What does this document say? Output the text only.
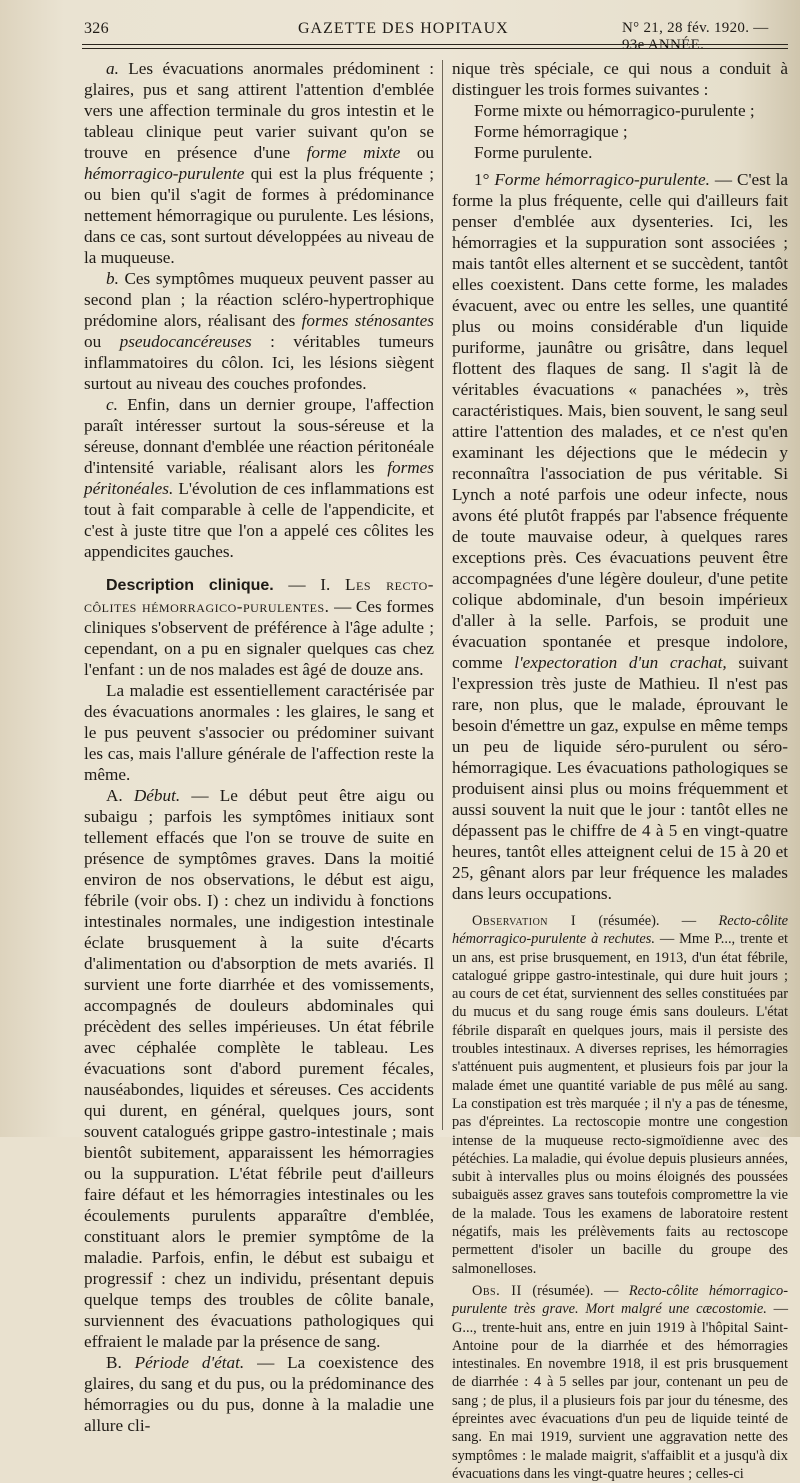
326	GAZETTE DES HOPITAUX	N° 21, 28 fév. 1920. — 93e ANNÉE.

a. Les évacuations anormales prédominent : glaires, pus et sang attirent l'attention d'emblée vers une affection terminale du gros intestin et le tableau clinique peut varier suivant qu'on se trouve en présence d'une forme mixte ou hémorragico-purulente qui est la plus fréquente ; ou bien qu'il s'agit de formes à prédominance nettement hémorragique ou purulente. Les lésions, dans ce cas, sont surtout développées au niveau de la muqueuse.

b. Ces symptômes muqueux peuvent passer au second plan ; la réaction scléro-hypertrophique prédomine alors, réalisant des formes sténosantes ou pseudocancéreuses : véritables tumeurs inflammatoires du côlon. Ici, les lésions siègent surtout au niveau des couches profondes.

c. Enfin, dans un dernier groupe, l'affection paraît intéresser surtout la sous-séreuse et la séreuse, donnant d'emblée une réaction péritonéale d'intensité variable, réalisant alors les formes péritonéales. L'évolution de ces inflammations est tout à fait comparable à celle de l'appendicite, et c'est à juste titre que l'on a appelé ces côlites les appendicites gauches.

Description clinique. — I. Les recto-côlites hémorragico-purulentes. — Ces formes cliniques s'observent de préférence à l'âge adulte ; cependant, on a pu en signaler quelques cas chez l'enfant : un de nos malades est âgé de douze ans.

La maladie est essentiellement caractérisée par des évacuations anormales : les glaires, le sang et le pus peuvent s'associer ou prédominer suivant les cas, mais l'allure générale de l'affection reste la même.

A. Début. — Le début peut être aigu ou subaigu ; parfois les symptômes initiaux sont tellement effacés que l'on se trouve de suite en présence de symptômes graves. Dans la moitié environ de nos observations, le début est aigu, fébrile (voir obs. I) : chez un individu à fonctions intestinales normales, une indigestion intestinale éclate brusquement à la suite d'écarts d'alimentation ou d'absorption de mets avariés. Il survient une forte diarrhée et des vomissements, accompagnés de douleurs abdominales qui précèdent des selles impérieuses. Un état fébrile avec céphalée complète le tableau. Les évacuations sont d'abord purement fécales, nauséabondes, liquides et séreuses. Ces accidents qui durent, en général, quelques jours, sont souvent catalogués grippe gastro-intestinale ; mais bientôt subitement, apparaissent les hémorragies ou la suppuration. L'état fébrile peut d'ailleurs faire défaut et les hémorragies intestinales ou les écoulements purulents apparaître d'emblée, constituant alors le premier symptôme de la maladie. Parfois, enfin, le début est subaigu et progressif : chez un individu, présentant depuis quelque temps des troubles de côlite banale, surviennent des évacuations pathologiques qui effraient le malade par la présence de sang.

B. Période d'état. — La coexistence des glaires, du sang et du pus, ou la prédominance des hémorragies ou du pus, donne à la maladie une allure cli-

nique très spéciale, ce qui nous a conduit à distinguer les trois formes suivantes :

Forme mixte ou hémorragico-purulente ;

Forme hémorragique ;

Forme purulente.

1° Forme hémorragico-purulente. — C'est la forme la plus fréquente, celle qui d'ailleurs fait penser d'emblée aux dysenteries. Ici, les hémorragies et la suppuration sont associées ; mais tantôt elles alternent et se succèdent, tantôt elles coexistent. Dans cette forme, les malades évacuent, avec ou entre les selles, une quantité plus ou moins considérable d'un liquide puriforme, jaunâtre ou grisâtre, dans lequel flottent des flaques de sang. Il s'agit là de véritables évacuations « panachées », très caractéristiques. Mais, bien souvent, le sang seul attire l'attention des malades, et ce n'est qu'en examinant les déjections que le médecin y reconnaîtra l'association de pus véritable. Si Lynch a noté parfois une odeur infecte, nous avons été plutôt frappés par l'absence fréquente de toute mauvaise odeur, à quelques rares exceptions près. Ces évacuations peuvent être accompagnées d'une légère douleur, d'une petite colique abdominale, d'un besoin impérieux d'aller à la selle. Parfois, se produit une évacuation spontanée et presque indolore, comme l'expectoration d'un crachat, suivant l'expression très juste de Mathieu. Il n'est pas rare, non plus, que le malade, éprouvant le besoin d'émettre un gaz, expulse en même temps un peu de liquide séro-purulent ou séro-hémorragique. Les évacuations pathologiques se produisent ainsi plus ou moins fréquemment et aussi souvent la nuit que le jour : tantôt elles ne dépassent pas le chiffre de 4 à 5 en vingt-quatre heures, tantôt elles atteignent celui de 15 à 20 et 25, gênant alors par leur fréquence les malades dans leurs occupations.

Observation I (résumée). — Recto-côlite hémorragico-purulente à rechutes. — Mme P..., trente et un ans, est prise brusquement, en 1913, d'un état fébrile, catalogué grippe gastro-intestinale, qui dure huit jours ; au cours de cet état, surviennent des selles constituées par du mucus et du sang rouge émis sans douleurs. L'état fébrile disparaît en quelques jours, mais il persiste des troubles intestinaux. A diverses reprises, les hémorragies s'atténuent puis augmentent, et plusieurs fois par jour la malade émet une quantité variable de pus mêlé au sang. La constipation est très marquée ; il n'y a pas de ténesme, pas d'épreintes. La rectoscopie montre une congestion intense de la muqueuse recto-sigmoïdienne avec des pétéchies. La maladie, qui évolue depuis plusieurs années, subit à intervalles plus ou moins éloignés des poussées subaiguës assez graves sans toutefois compromettre la vie de la malade. Tous les examens de laboratoire restent négatifs, mais les prélèvements faits au rectoscope permettent d'isoler un bacille du groupe des salmonelloses.

Obs. II (résumée). — Recto-côlite hémorragico-purulente très grave. Mort malgré une cæcostomie. — G..., trente-huit ans, entre en juin 1919 à l'hôpital Saint-Antoine pour de la diarrhée et des hémorragies intestinales. En novembre 1918, il est pris brusquement de diarrhée : 4 à 5 selles par jour, contenant un peu de sang ; de plus, il a plusieurs fois par jour du ténesme, des épreintes avec évacuations d'un peu de liquide teinté de sang. En mai 1919, survient une aggravation nette des symptômes : le malade maigrit, s'affaiblit et a jusqu'à dix évacuations dans les vingt-quatre heures ; celles-ci
